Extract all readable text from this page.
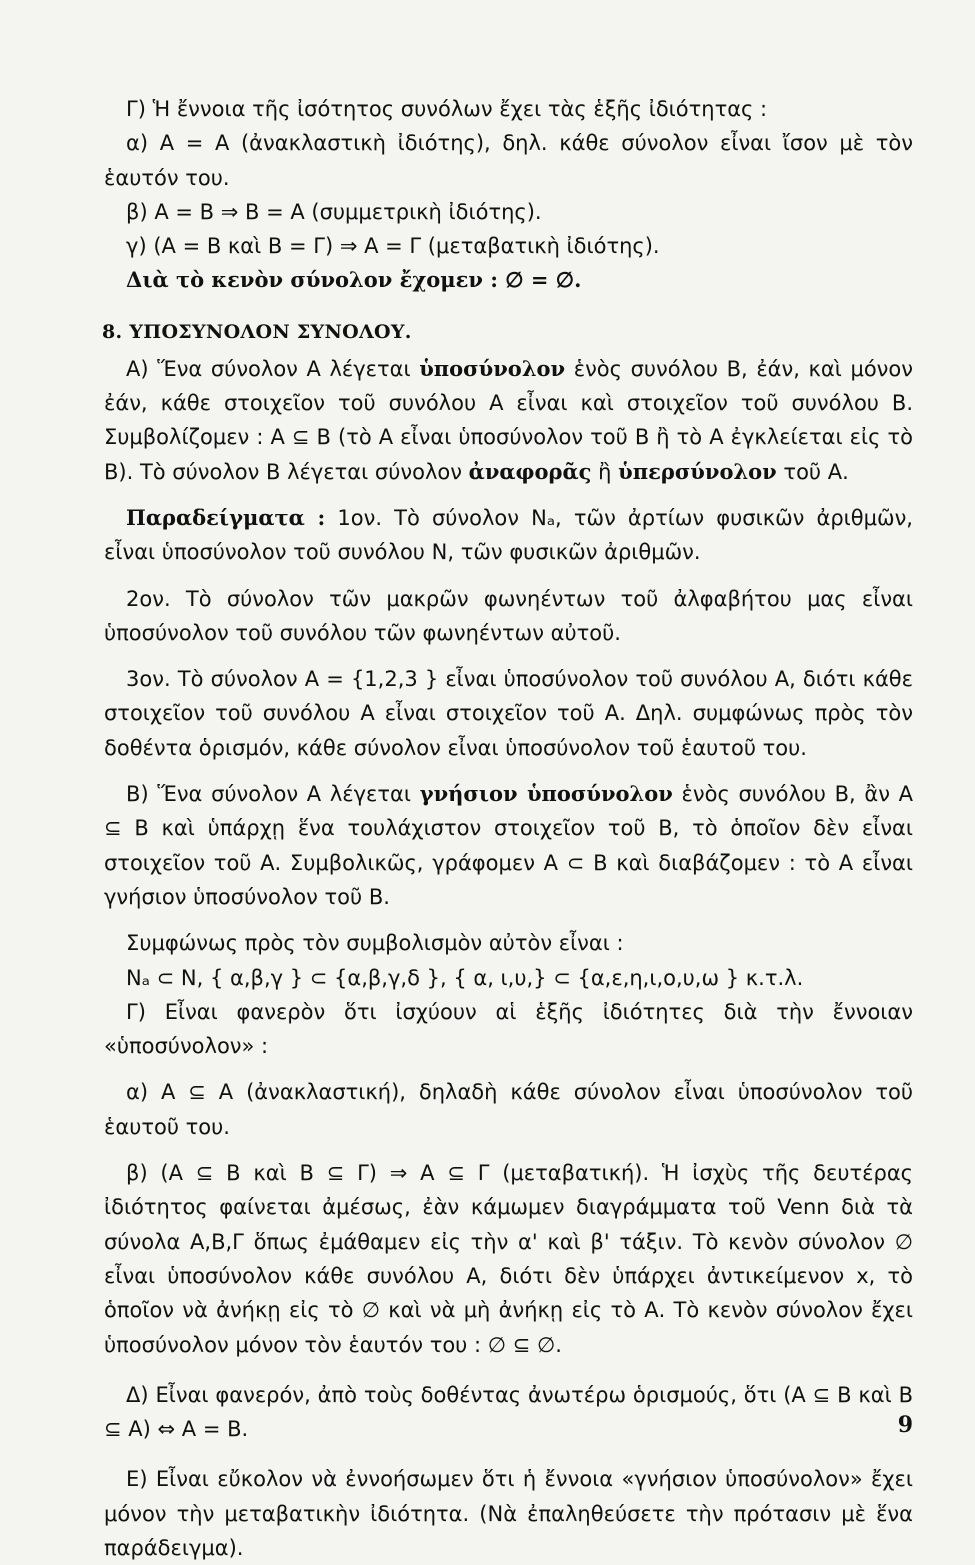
Γ) Ἡ ἔννοια τῆς ἰσότητος συνόλων ἔχει τὰς ἑξῆς ἰδιότητας :

α) Α = Α (ἀνακλαστικὴ ἰδιότης), δηλ. κάθε σύνολον εἶναι ἴσον μὲ τὸν ἑαυτόν του.

β) Α = Β ⇒ Β = Α (συμμετρικὴ ἰδιότης).

γ) (Α = Β καὶ Β = Γ) ⇒ Α = Γ (μεταβατικὴ ἰδιότης).

Διὰ τὸ κενὸν σύνολον ἔχομεν : ∅ = ∅.

8. ΥΠΟΣΥΝΟΛΟΝ ΣΥΝΟΛΟΥ.

Α) Ἕνα σύνολον Α λέγεται ὑποσύνολον ἑνὸς συνόλου Β, ἐάν, καὶ μόνον ἐάν, κάθε στοιχεῖον τοῦ συνόλου Α εἶναι καὶ στοιχεῖον τοῦ συνόλου Β. Συμβολίζομεν : Α ⊆ Β (τὸ Α εἶναι ὑποσύνολον τοῦ Β ἢ τὸ Α ἐγκλείεται εἰς τὸ Β). Τὸ σύνολον Β λέγεται σύνολον ἀναφορᾶς ἢ ὑπερσύνολον τοῦ Α.

Παραδείγματα : 1ον. Τὸ σύνολον Νₐ, τῶν ἀρτίων φυσικῶν ἀριθμῶν, εἶναι ὑποσύνολον τοῦ συνόλου Ν, τῶν φυσικῶν ἀριθμῶν.

2ον. Τὸ σύνολον τῶν μακρῶν φωνηέντων τοῦ ἀλφαβήτου μας εἶναι ὑποσύνολον τοῦ συνόλου τῶν φωνηέντων αὐτοῦ.

3ον. Τὸ σύνολον Α = {1,2,3 } εἶναι ὑποσύνολον τοῦ συνόλου Α, διότι κάθε στοιχεῖον τοῦ συνόλου Α εἶναι στοιχεῖον τοῦ Α. Δηλ. συμφώνως πρὸς τὸν δοθέντα ὁρισμόν, κάθε σύνολον εἶναι ὑποσύνολον τοῦ ἑαυτοῦ του.

Β) Ἕνα σύνολον Α λέγεται γνήσιον ὑποσύνολον ἑνὸς συνόλου Β, ἂν Α ⊆ Β καὶ ὑπάρχῃ ἕνα τουλάχιστον στοιχεῖον τοῦ Β, τὸ ὁποῖον δὲν εἶναι στοιχεῖον τοῦ Α. Συμβολικῶς, γράφομεν Α ⊂ Β καὶ διαβάζομεν : τὸ Α εἶναι γνήσιον ὑποσύνολον τοῦ Β.

Συμφώνως πρὸς τὸν συμβολισμὸν αὐτὸν εἶναι :

Νₐ ⊂ Ν, { α,β,γ } ⊂ {α,β,γ,δ }, { α, ι,υ,} ⊂ {α,ε,η,ι,ο,υ,ω } κ.τ.λ.

Γ) Εἶναι φανερὸν ὅτι ἰσχύουν αἱ ἑξῆς ἰδιότητες διὰ τὴν ἔννοιαν «ὑποσύνολον» :

α) Α ⊆ Α (ἀνακλαστική), δηλαδὴ κάθε σύνολον εἶναι ὑποσύνολον τοῦ ἑαυτοῦ του.

β) (Α ⊆ Β καὶ Β ⊆ Γ) ⇒ Α ⊆ Γ (μεταβατική). Ἡ ἰσχὺς τῆς δευτέρας ἰδιότητος φαίνεται ἀμέσως, ἐὰν κάμωμεν διαγράμματα τοῦ Venn διὰ τὰ σύνολα Α,Β,Γ ὅπως ἐμάθαμεν εἰς τὴν α' καὶ β' τάξιν. Τὸ κενὸν σύνολον ∅ εἶναι ὑποσύνολον κάθε συνόλου Α, διότι δὲν ὑπάρχει ἀντικείμενον x, τὸ ὁποῖον νὰ ἀνήκῃ εἰς τὸ ∅ καὶ νὰ μὴ ἀνήκῃ εἰς τὸ Α. Τὸ κενὸν σύνολον ἔχει ὑποσύνολον μόνον τὸν ἑαυτόν του : ∅ ⊆ ∅.

Δ) Εἶναι φανερόν, ἀπὸ τοὺς δοθέντας ἀνωτέρω ὁρισμούς, ὅτι (Α ⊆ Β καὶ Β ⊆ Α) ⇔ Α = Β.

Ε) Εἶναι εὔκολον νὰ ἐννοήσωμεν ὅτι ἡ ἔννοια «γνήσιον ὑποσύνολον» ἔχει μόνον τὴν μεταβατικὴν ἰδιότητα. (Νὰ ἐπαληθεύσετε τὴν πρότασιν μὲ ἕνα παράδειγμα).

9
